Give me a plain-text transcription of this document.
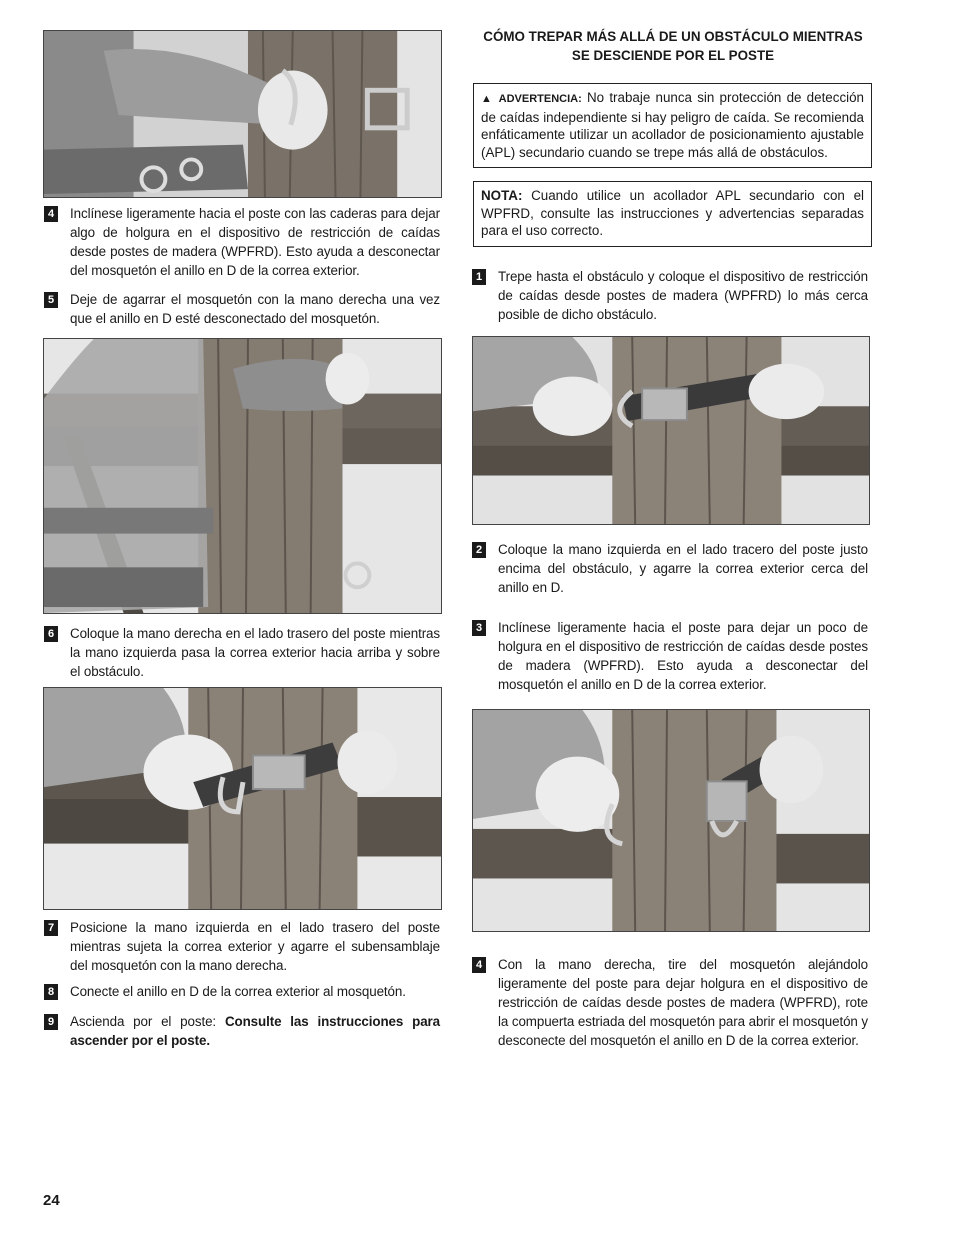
4 Inclínese ligeramente hacia el poste con las caderas para dejar algo de holgura en el dispositivo de restricción de caídas desde postes de madera (WPFRD). Esto ayuda a desconectar del mosquetón el anillo en D de la correa exterior.
5 Deje de agarrar el mosquetón con la mano derecha una vez que el anillo en D esté desconectado del mosquetón.
6 Coloque la mano derecha en el lado trasero del poste mientras la mano izquierda pasa la correa exterior hacia arriba y sobre el obstáculo.
7 Posicione la mano izquierda en el lado trasero del poste mientras sujeta la correa exterior y agarre el subensamblaje del mosquetón con la mano derecha.
8 Conecte el anillo en D de la correa exterior al mosquetón.
9 Ascienda por el poste: Consulte las instrucciones para ascender por el poste.
CÓMO TREPAR MÁS ALLÁ DE UN OBSTÁCULO MIENTRAS
SE DESCIENDE POR EL POSTE
▲ ADVERTENCIA: No trabaje nunca sin protección de detección de caídas independiente si hay peligro de caída. Se recomienda enfáticamente utilizar un acollador de posicionamiento ajustable (APL) secundario cuando se trepe más allá de obstáculos.
NOTA: Cuando utilice un acollador APL secundario con el WPFRD, consulte las instrucciones y advertencias separadas para el uso correcto.
1 Trepe hasta el obstáculo y coloque el dispositivo de restricción de caídas desde postes de madera (WPFRD) lo más cerca posible de dicho obstáculo.
2 Coloque la mano izquierda en el lado tracero del poste justo encima del obstáculo, y agarre la correa exterior cerca del anillo en D.
3 Inclínese ligeramente hacia el poste para dejar un poco de holgura en el dispositivo de restricción de caídas desde postes de madera (WPFRD). Esto ayuda a desconectar del mosquetón el anillo en D de la correa exterior.
4 Con la mano derecha, tire del mosquetón alejándolo ligeramente del poste para dejar holgura en el dispositivo de restricción de caídas desde postes de madera (WPFRD), rote la compuerta estriada del mosquetón para abrir el mosquetón y desconecte del mosquetón el anillo en D de la correa exterior.
24
